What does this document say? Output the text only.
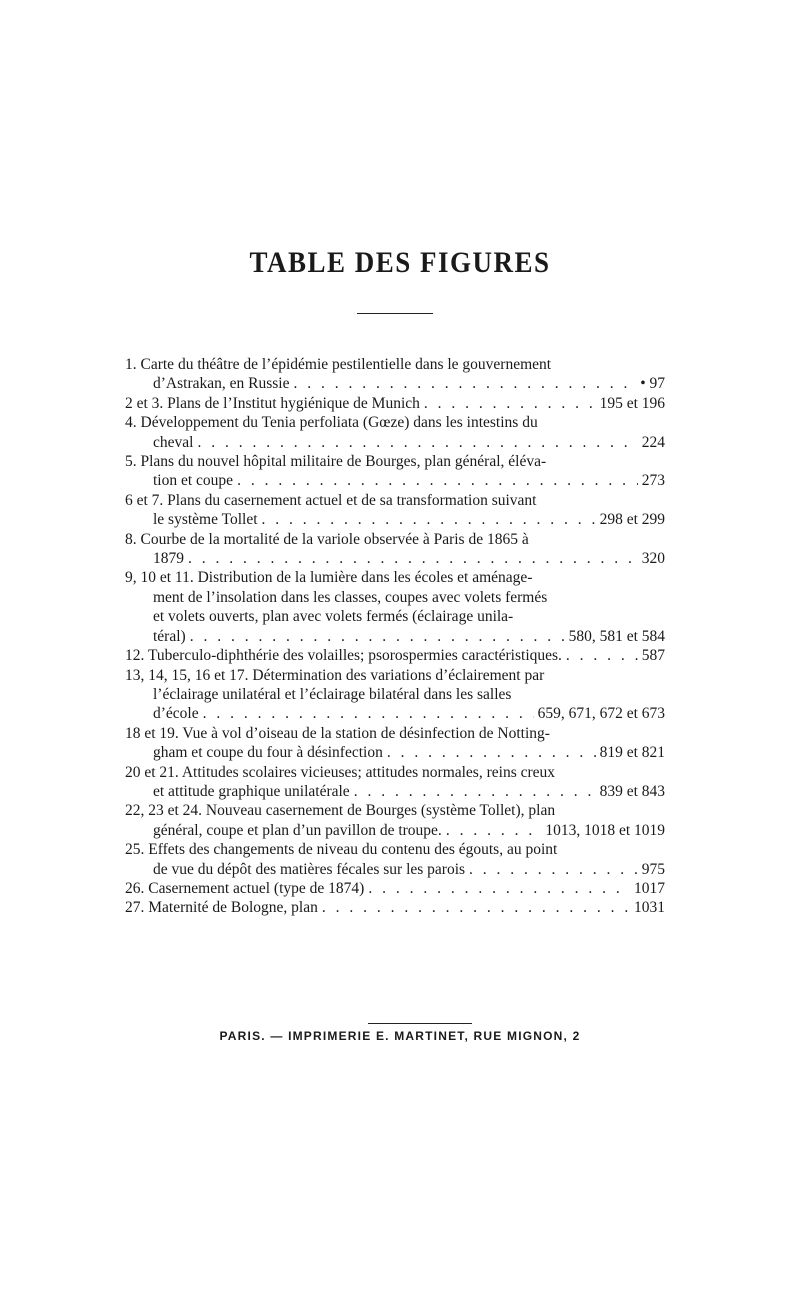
TABLE DES FIGURES
1. Carte du théâtre de l’épidémie pestilentielle dans le gouvernement
d’Astrakan, en Russie . . .	• 97
2 et 3. Plans de l’Institut hygiénique de Munich . . .	195 et 196
4. Développement du Tenia perfoliata (Gœze) dans les intestins du
cheval . . .	224
5. Plans du nouvel hôpital militaire de Bourges, plan général, éléva-
tion et coupe . . .	273
6 et 7. Plans du casernement actuel et de sa transformation suivant
le système Tollet . . .	298 et 299
8. Courbe de la mortalité de la variole observée à Paris de 1865 à
1879 . . .	320
9, 10 et 11. Distribution de la lumière dans les écoles et aménage-
ment de l’insolation dans les classes, coupes avec volets fermés
et volets ouverts, plan avec volets fermés (éclairage unila-
téral) . . .	580, 581 et 584
12. Tuberculo-diphthérie des volailles; psorospermies caractéristiques. . . .	587
13, 14, 15, 16 et 17. Détermination des variations d’éclairement par
l’éclairage unilatéral et l’éclairage bilatéral dans les salles
d’école . . .	659, 671, 672 et 673
18 et 19. Vue à vol d’oiseau de la station de désinfection de Notting-
gham et coupe du four à désinfection . . .	819 et 821
20 et 21. Attitudes scolaires vicieuses; attitudes normales, reins creux
et attitude graphique unilatérale . . .	839 et 843
22, 23 et 24. Nouveau casernement de Bourges (système Tollet), plan
général, coupe et plan d’un pavillon de troupe. . . .	1013, 1018 et 1019
25. Effets des changements de niveau du contenu des égouts, au point
de vue du dépôt des matières fécales sur les parois . . .	975
26. Casernement actuel (type de 1874) . . .	1017
27. Maternité de Bologne, plan . . .	1031
PARIS. — IMPRIMERIE E. MARTINET, RUE MIGNON, 2
